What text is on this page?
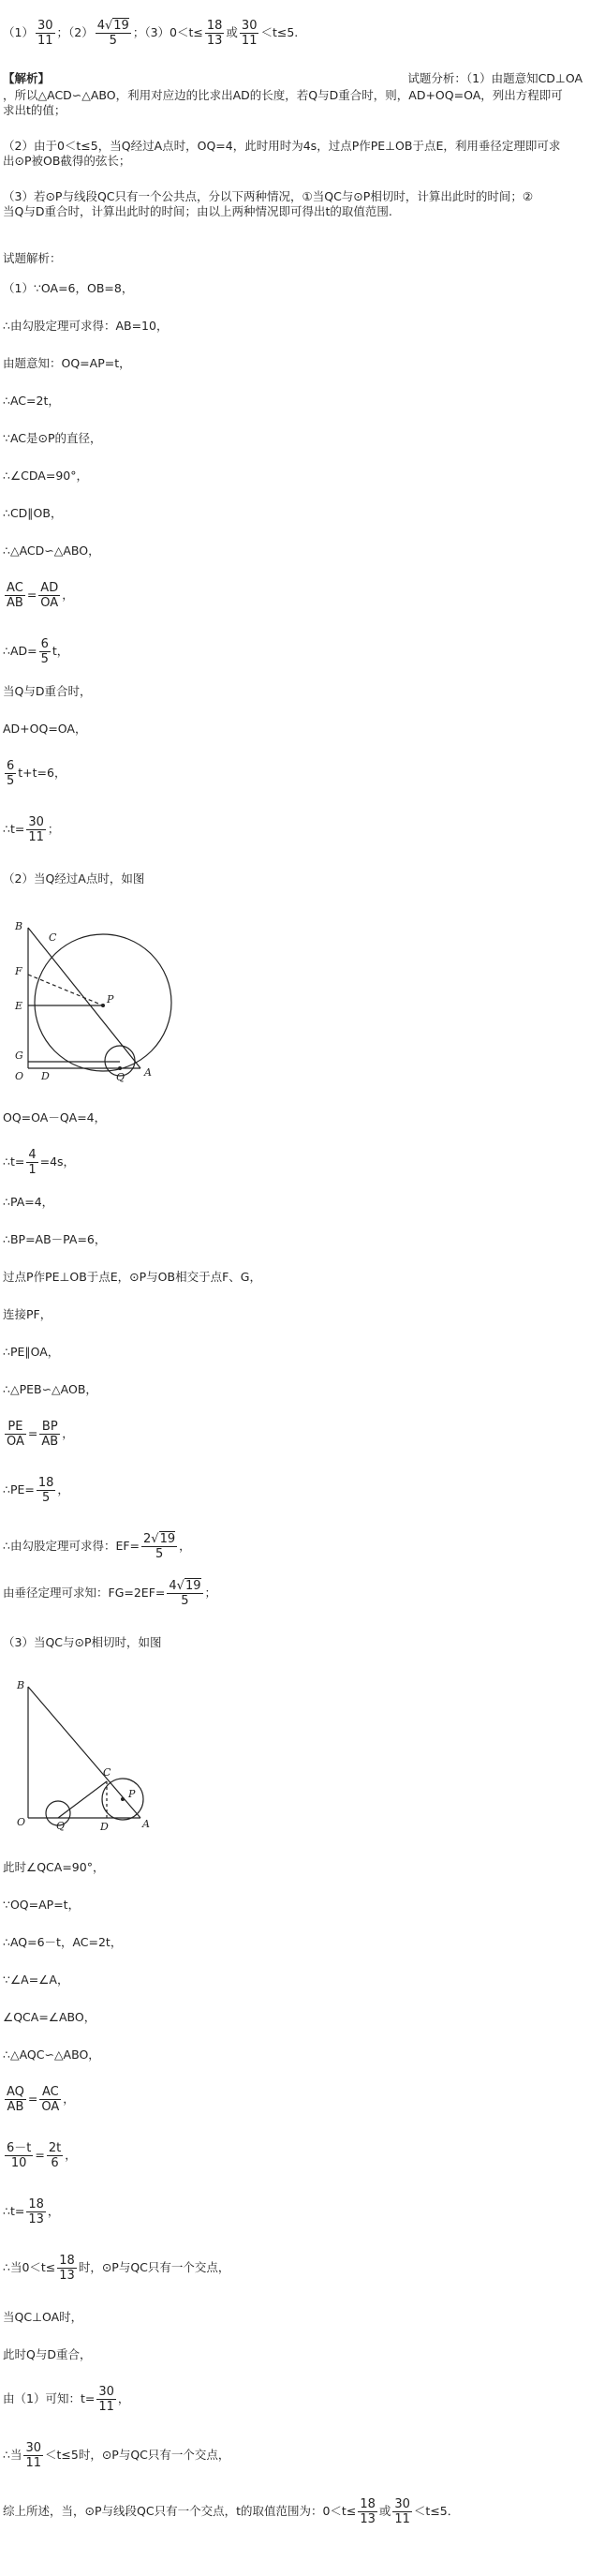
$(1) \frac{30}{11}$ ；$(2) \frac{4√19}{5}$ ；$(3)0<t\le \frac{18}{13}$ 或 $\frac{30}{11} <t\le 5$.
【解析】	试题分析：（1）由题意知CD⊥OA
，所以△ACD∽△ABO，利用对应边的比求出AD的长度，若Q与D重合时，则，AD+OQ=OA，列出方程即可
求出t的值；
（2）由于0＜t≤5，当Q经过A点时，OQ=4，此时用时为4s，过点P作PE⊥OB于点E，利用垂径定理即可求
出⊙P被OB截得的弦长；
（3）若⊙P与线段QC只有一个公共点，分以下两种情况，①当QC与⊙P相切时，计算出此时的时间；②
当Q与D重合时，计算出此时的时间；由以上两种情况即可得出t的取值范围.
试题解析：
（1）∵OA=6，OB=8，
∴由勾股定理可求得：AB=10，
由题意知：OQ=AP=t，
∴AC=2t，
∵AC是⊙P的直径，
∴∠CDA=90°，
∴CD∥OB，
∴△ACD∽△ABO，
$\frac{AC}{AB} = \frac{AD}{OA}$ ，
∴AD= $\frac{6}{5}$ t，
当Q与D重合时，
AD+OQ=OA，
$\frac{6}{5} t+t=6$，
∴t= $\frac{30}{11}$ ；
（2）当Q经过A点时，如图
B
C
F
E
P
G
O D	Q A
OQ=OA－QA=4，
∴t= $\frac{4}{1} =4s$，
∴PA=4，
∴BP=AB－PA=6，
过点P作PE⊥OB于点E，⊙P与OB相交于点F、G，
连接PF，
∴PE∥OA，
∴△PEB∽△AOB，
$\frac{PE}{OA} = \frac{BP}{AB}$ ，
∴PE= $\frac{18}{5}$ ，
∴由勾股定理可求得：$EF= \frac{2√19}{5}$ ，
由垂径定理可求知：$FG=2EF= \frac{4√19}{5}$ ；
（3）当QC与⊙P相切时，如图
B
C
P
O	Q	D	A
此时∠QCA=90°，
∵OQ=AP=t，
∴AQ=6－t，AC=2t，
∵∠A=∠A，
∠QCA=∠ABO，
∴△AQC∽△ABO，
$\frac{AQ}{AB} = \frac{AC}{OA}$ ，
$\frac{6-t}{10} = \frac{2t}{6}$ ，
∴t= $\frac{18}{13}$ ，
∴当$0<t\le \frac{18}{13}$ 时，⊙P与QC只有一个交点，
当QC⊥OA时，
此时Q与D重合，
由（1）可知：$t= \frac{30}{11}$ ，
∴当 $\frac{30}{11} <t\le 5$时，⊙P与QC只有一个交点，
综上所述，当，⊙P与线段QC只有一个交点，t的取值范围为：$0<t\le \frac{18}{13}$ 或 $\frac{30}{11} <t\le 5$．
